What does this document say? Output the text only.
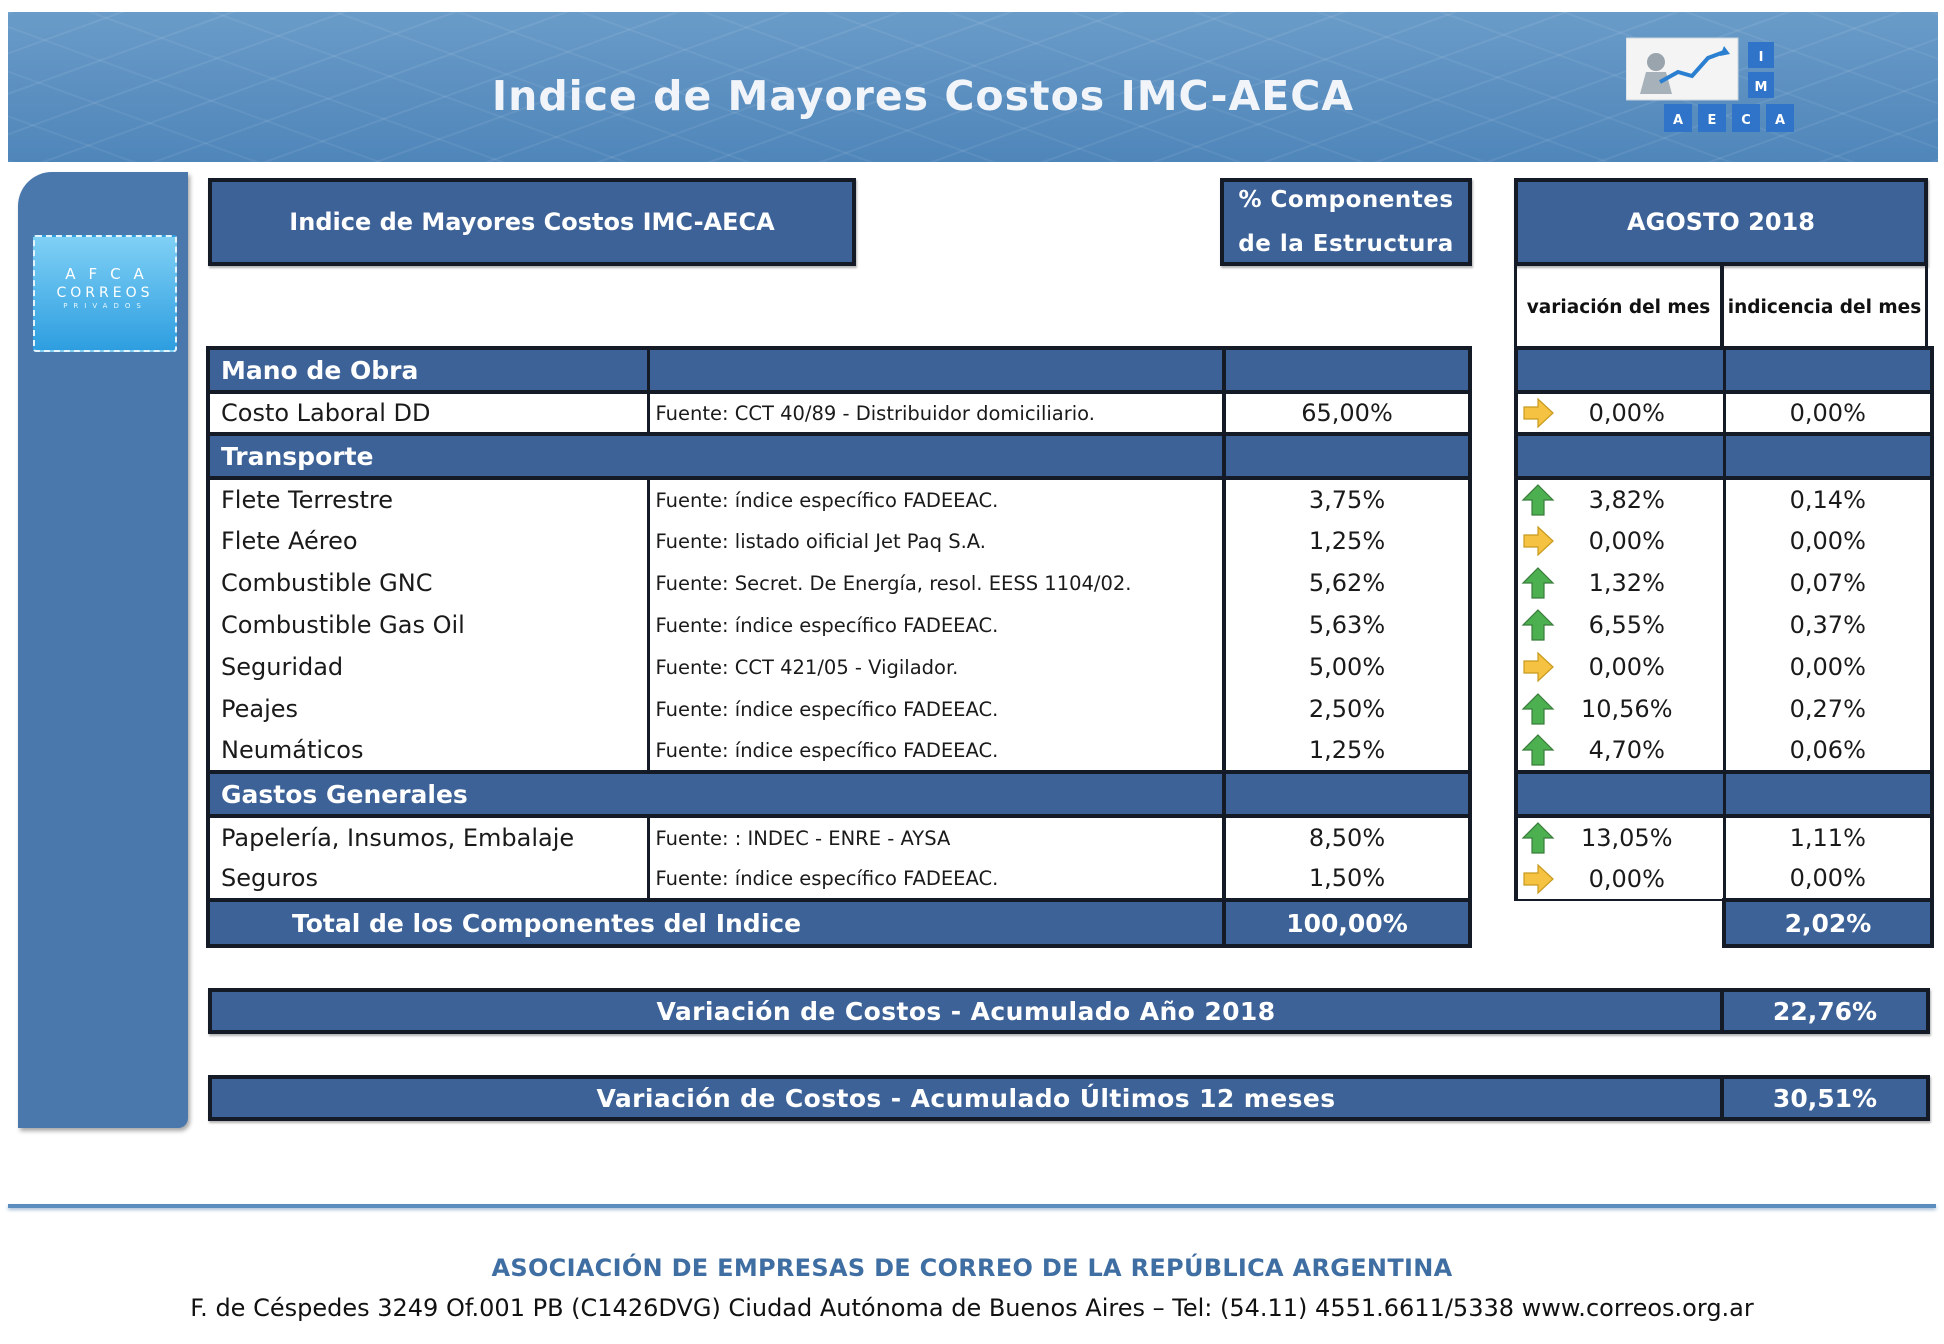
Indice de Mayores Costos IMC-AECA
I
M
A E C A
AFCA
CORREOS
PRIVADOS
Indice de Mayores Costos IMC-AECA
% Componentes
de la Estructura
AGOSTO 2018
variación del mes indicencia del mes
Mano de Obra					
Costo Laboral DD	Fuente: CCT 40/89 - Distribuidor domiciliario.	65,00%		0,00%	0,00%
Transporte					
Flete Terrestre	Fuente: índice específico FADEEAC.	3,75%		3,82%	0,14%
Flete Aéreo	Fuente: listado oificial Jet Paq S.A.	1,25%		0,00%	0,00%
Combustible GNC	Fuente: Secret. De Energía, resol. EESS 1104/02.	5,62%		1,32%	0,07%
Combustible Gas Oil	Fuente: índice específico FADEEAC.	5,63%		6,55%	0,37%
Seguridad	Fuente: CCT 421/05 - Vigilador.	5,00%		0,00%	0,00%
Peajes	Fuente: índice específico FADEEAC.	2,50%		10,56%	0,27%
Neumáticos	Fuente: índice específico FADEEAC.	1,25%		4,70%	0,06%
Gastos Generales					
Papelería, Insumos, Embalaje	Fuente: : INDEC - ENRE - AYSA	8,50%		13,05%	1,11%
Seguros	Fuente: índice específico FADEEAC.	1,50%		0,00%	0,00%
Total de los Componentes del Indice		100,00%			2,02%
Variación de Costos - Acumulado Año 2018	22,76%
Variación de Costos - Acumulado Últimos 12 meses	30,51%
ASOCIACIÓN DE EMPRESAS DE CORREO DE LA REPÚBLICA ARGENTINA
F. de Céspedes 3249 Of.001 PB (C1426DVG) Ciudad Autónoma de Buenos Aires – Tel: (54.11) 4551.6611/5338 www.correos.org.ar
